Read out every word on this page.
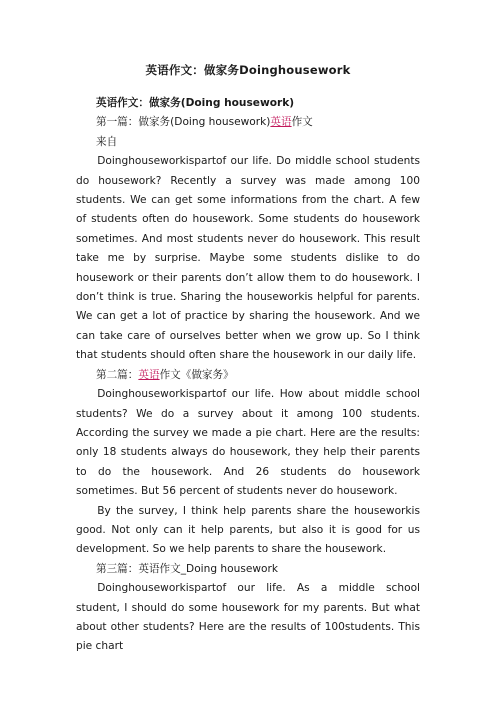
英语作文：做家务Doinghousework

英语作文：做家务(Doing housework)

第一篇：做家务(Doing housework)英语作文

来自

Doinghouseworkispartof our life. Do middle school students do housework? Recently a survey was made among 100 students. We can get some informations from the chart. A few of students often do housework. Some students do housework sometimes. And most students never do housework. This result take me by surprise. Maybe some students dislike to do housework or their parents don’t allow them to do housework. I don’t think is true. Sharing the houseworkis helpful for parents. We can get a lot of practice by sharing the housework. And we can take care of ourselves better when we grow up. So I think that students should often share the housework in our daily life.

第二篇：英语作文《做家务》

Doinghouseworkispartof our life. How about middle school students? We do a survey about it among 100 students. According the survey we made a pie chart. Here are the results: only 18 students always do housework, they help their parents to do the housework. And 26 students do housework sometimes. But 56 percent of students never do housework.

By the survey, I think help parents share the houseworkis good. Not only can it help parents, but also it is good for us development. So we help parents to share the housework.

第三篇：英语作文_Doing housework

Doinghouseworkispartof our life. As a middle school student, I should do some housework for my parents. But what about other students? Here are the results of 100students. This pie chart
